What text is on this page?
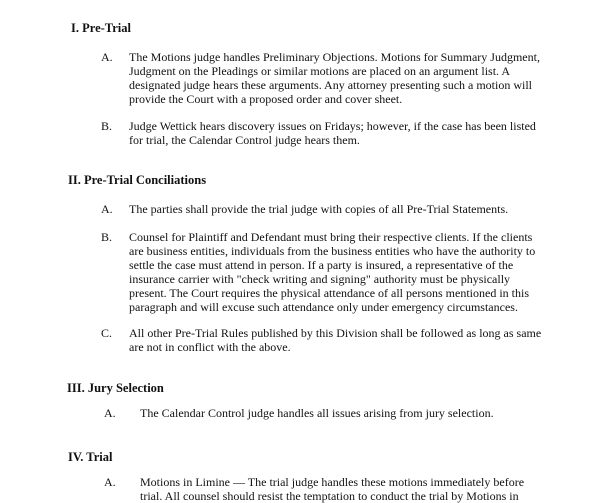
I. Pre-Trial
A. The Motions judge handles Preliminary Objections. Motions for Summary Judgment, Judgment on the Pleadings or similar motions are placed on an argument list. A designated judge hears these arguments. Any attorney presenting such a motion will provide the Court with a proposed order and cover sheet.

B. Judge Wettick hears discovery issues on Fridays; however, if the case has been listed for trial, the Calendar Control judge hears them.

II. Pre-Trial Conciliations
A. The parties shall provide the trial judge with copies of all Pre-Trial Statements.

B. Counsel for Plaintiff and Defendant must bring their respective clients. If the clients are business entities, individuals from the business entities who have the authority to settle the case must attend in person. If a party is insured, a representative of the insurance carrier with "check writing and signing" authority must be physically present. The Court requires the physical attendance of all persons mentioned in this paragraph and will excuse such attendance only under emergency circumstances.

C. All other Pre-Trial Rules published by this Division shall be followed as long as same are not in conflict with the above.

III. Jury Selection
A. The Calendar Control judge handles all issues arising from jury selection.

IV. Trial
A. Motions in Limine — The trial judge handles these motions immediately before trial. All counsel should resist the temptation to conduct the trial by Motions in
